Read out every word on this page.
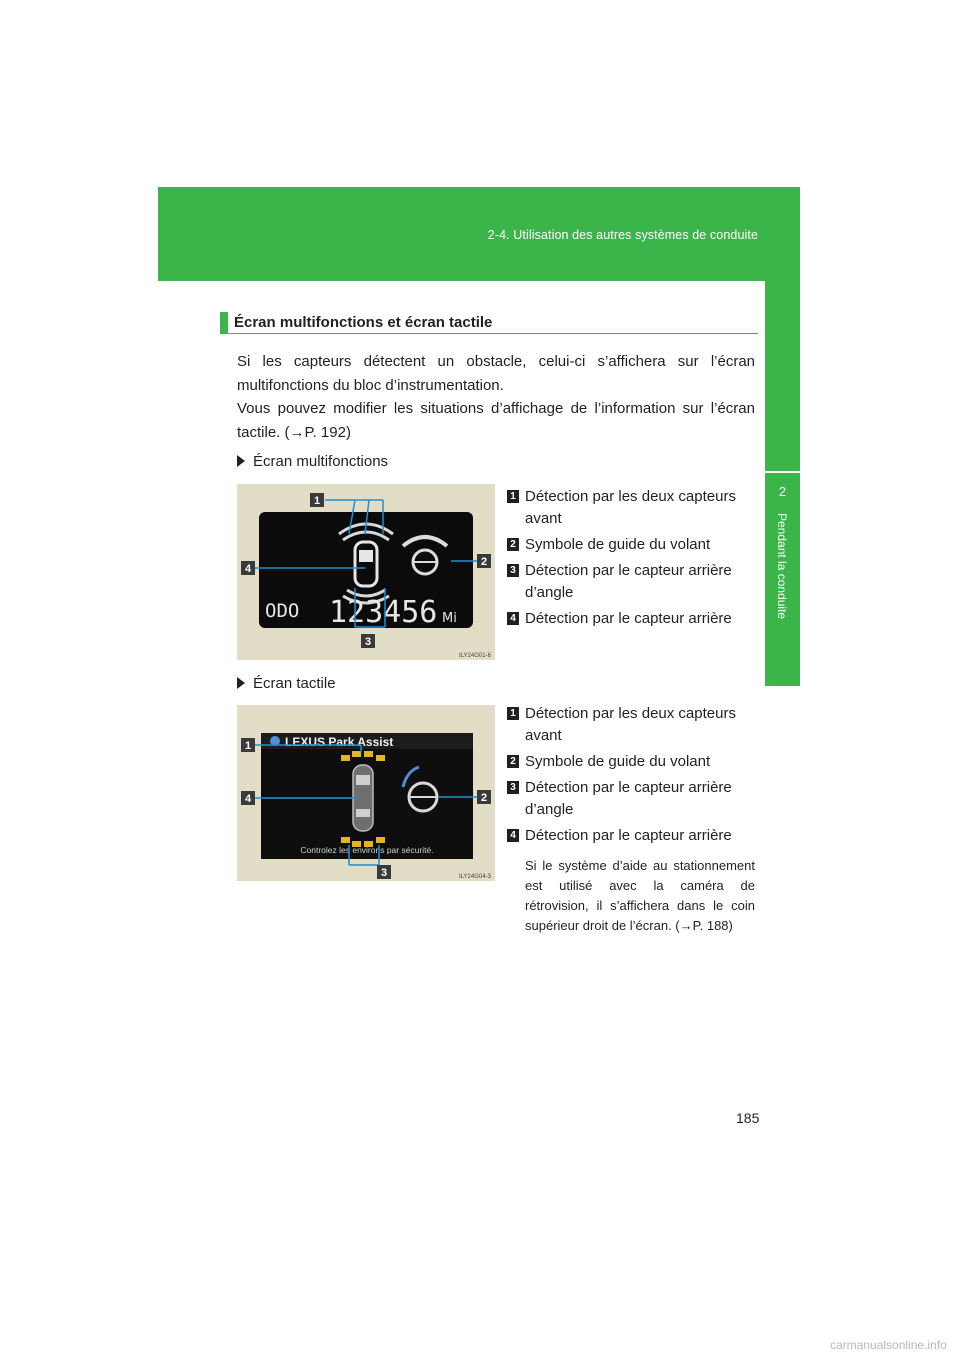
2-4. Utilisation des autres systèmes de conduite
2
Pendant la conduite
Écran multifonctions et écran tactile
Si les capteurs détectent un obstacle, celui-ci s’affichera sur l’écran multifonctions du bloc d’instrumentation.
Vous pouvez modifier les situations d’affichage de l’information sur l’écran tactile. (→P. 192)
Écran multifonctions
ODO 123456 Mi
1
2
3
4
ILY24G01-6
1 Détection par les deux capteurs avant
2 Symbole de guide du volant
3 Détection par le capteur arrière d’angle
4 Détection par le capteur arrière
Écran tactile
LEXUS Park Assist
Controlez les environs par sécurité.
1
2
3
4
ILY24G04-3
1 Détection par les deux capteurs avant
2 Symbole de guide du volant
3 Détection par le capteur arrière d’angle
4 Détection par le capteur arrière
Si le système d’aide au stationnement est utilisé avec la caméra de rétrovision, il s’affichera dans le coin supérieur droit de l’écran. (→P. 188)
185
carmanualsonline.info
